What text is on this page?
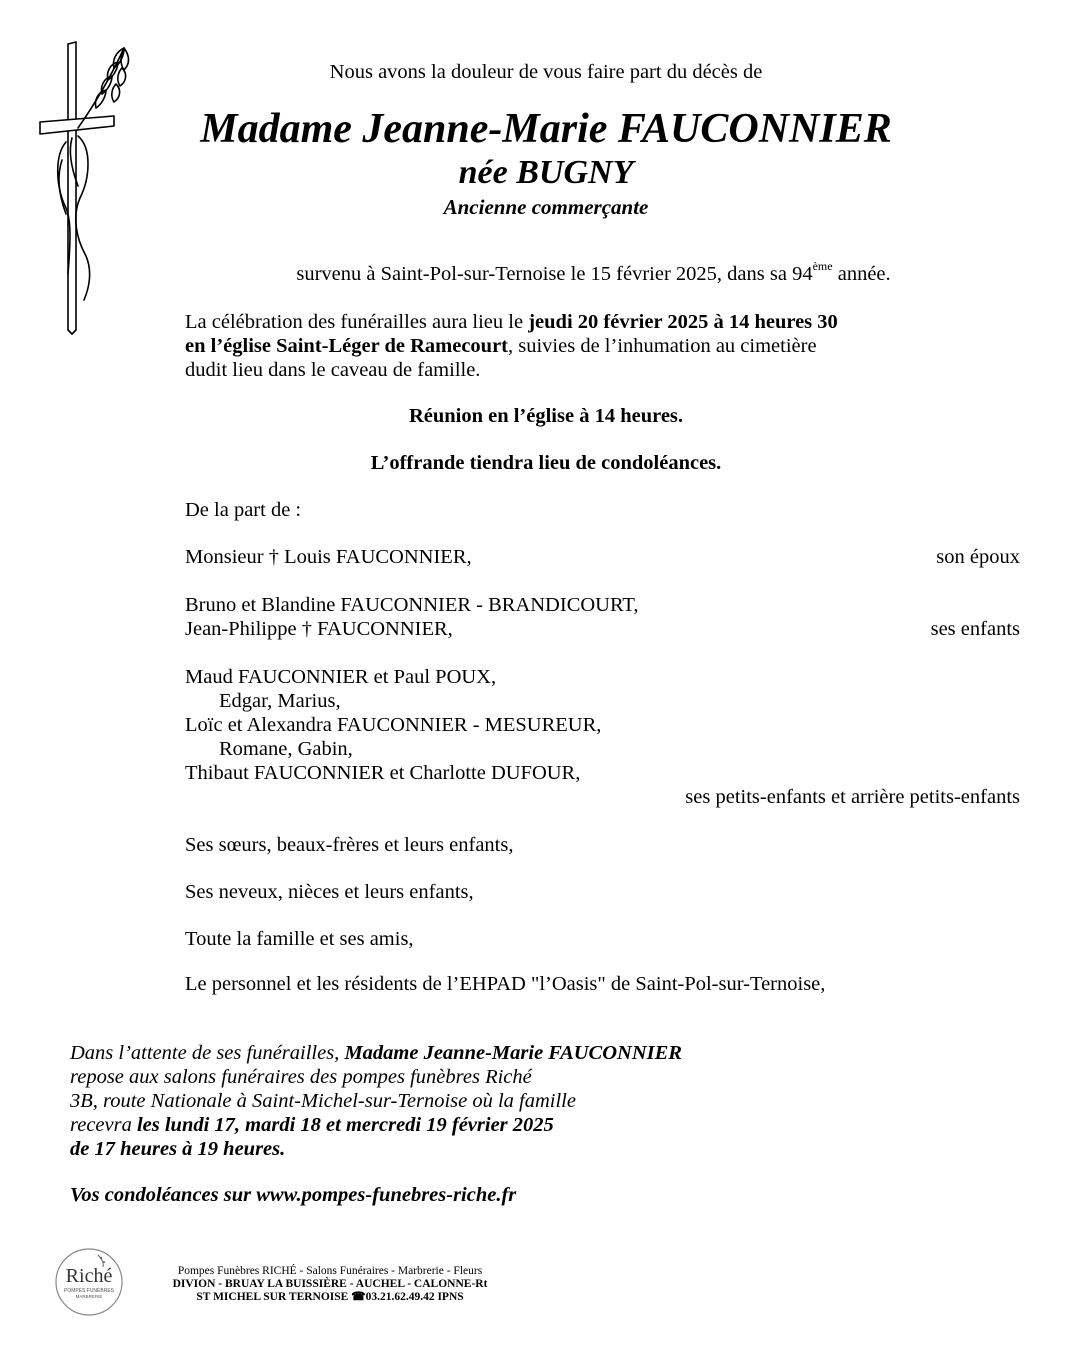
Nous avons la douleur de vous faire part du décès de
Madame Jeanne-Marie FAUCONNIER
née BUGNY
Ancienne commerçante
survenu à Saint-Pol-sur-Ternoise le 15 février 2025, dans sa 94ème année.
La célébration des funérailles aura lieu le jeudi 20 février 2025 à 14 heures 30
en l’église Saint-Léger de Ramecourt, suivies de l’inhumation au cimetière
dudit lieu dans le caveau de famille.
Réunion en l’église à 14 heures.
L’offrande tiendra lieu de condoléances.
De la part de :
Monsieur † Louis FAUCONNIER,	son époux
Bruno et Blandine FAUCONNIER - BRANDICOURT,
Jean-Philippe † FAUCONNIER,	ses enfants
Maud FAUCONNIER et Paul POUX,
Edgar, Marius,
Loïc et Alexandra FAUCONNIER - MESUREUR,
Romane, Gabin,
Thibaut FAUCONNIER et Charlotte DUFOUR,
ses petits-enfants et arrière petits-enfants
Ses sœurs, beaux-frères et leurs enfants,
Ses neveux, nièces et leurs enfants,
Toute la famille et ses amis,
Le personnel et les résidents de l’EHPAD "l’Oasis" de Saint-Pol-sur-Ternoise,
Dans l’attente de ses funérailles, Madame Jeanne-Marie FAUCONNIER
repose aux salons funéraires des pompes funèbres Riché
3B, route Nationale à Saint-Michel-sur-Ternoise où la famille
recevra les lundi 17, mardi 18 et mercredi 19 février 2025
de 17 heures à 19 heures.
Vos condoléances sur www.pompes-funebres-riche.fr
Riché
POMPES FUNÈBRES
MARBRERIE
Pompes Funèbres RICHÉ - Salons Funéraires - Marbrerie - Fleurs
DIVION - BRUAY LA BUISSIÈRE - AUCHEL - CALONNE-Rt
ST MICHEL SUR TERNOISE ☎03.21.62.49.42 IPNS
